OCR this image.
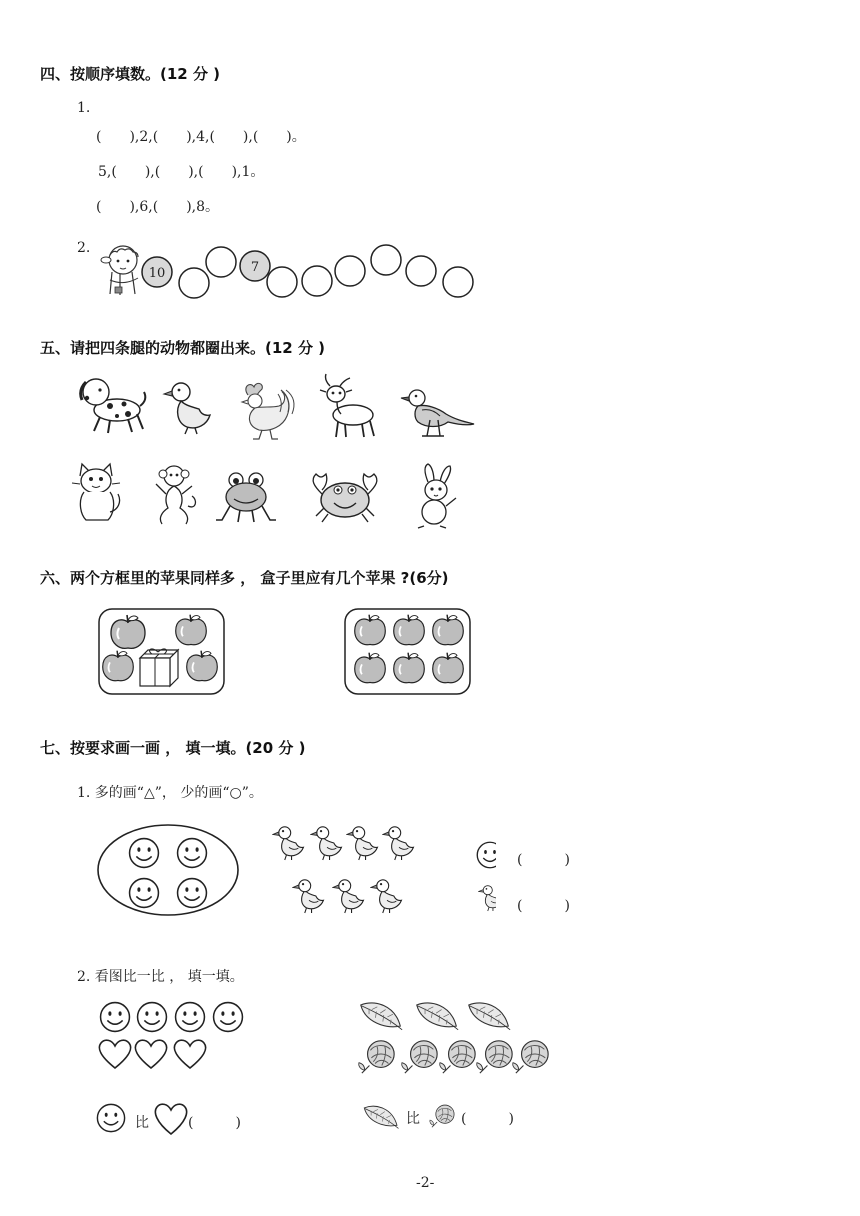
四、按顺序填数。(12 分 )
1.
(　　),2,(　　),4,(　　),(　　)。
5,(　　),(　　),(　　),1。
(　　),6,(　　),8。
2.
10	7
五、请把四条腿的动物都圈出来。(12 分 )
六、两个方框里的苹果同样多 ， 盒子里应有几个苹果 ?(6分)
七、按要求画一画 ， 填一填。(20 分 )
1. 多的画“△”， 少的画“○”。
(　　　)
(　　　)
2. 看图比一比 ， 填一填。
比	(　　　)	比	(　　　)
-2-
